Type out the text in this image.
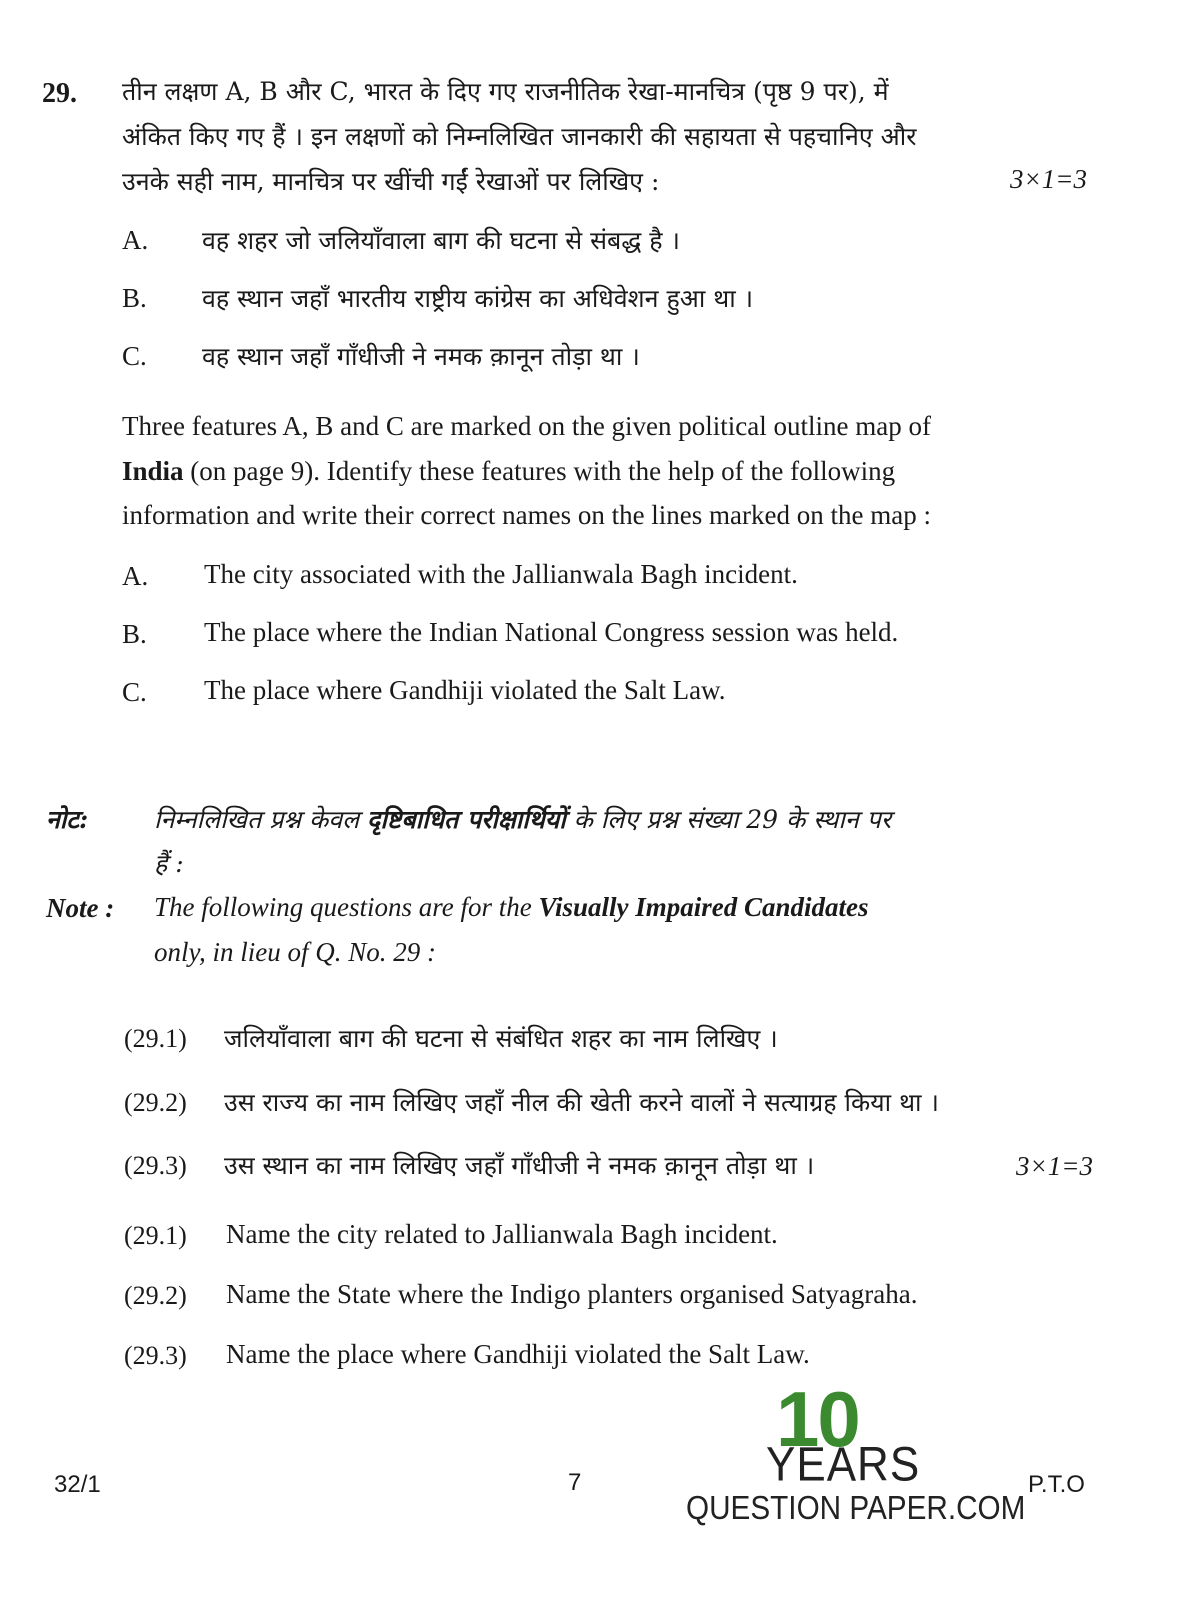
29. तीन लक्षण A, B और C, भारत के दिए गए राजनीतिक रेखा-मानचित्र (पृष्ठ 9 पर), में
अंकित किए गए हैं । इन लक्षणों को निम्नलिखित जानकारी की सहायता से पहचानिए और
उनके सही नाम, मानचित्र पर खींची गईं रेखाओं पर लिखिए :	3×1=3
A. वह शहर जो जलियाँवाला बाग की घटना से संबद्ध है ।
B. वह स्थान जहाँ भारतीय राष्ट्रीय कांग्रेस का अधिवेशन हुआ था ।
C. वह स्थान जहाँ गाँधीजी ने नमक क़ानून तोड़ा था ।
Three features A, B and C are marked on the given political outline map of
India (on page 9). Identify these features with the help of the following
information and write their correct names on the lines marked on the map :
A. The city associated with the Jallianwala Bagh incident.
B. The place where the Indian National Congress session was held.
C. The place where Gandhiji violated the Salt Law.
नोट:	निम्नलिखित प्रश्न केवल दृष्टिबाधित परीक्षार्थियों के लिए प्रश्न संख्या 29 के स्थान पर
हैं :
Note : The following questions are for the Visually Impaired Candidates
only, in lieu of Q. No. 29 :
(29.1) जलियाँवाला बाग की घटना से संबंधित शहर का नाम लिखिए ।
(29.2) उस राज्य का नाम लिखिए जहाँ नील की खेती करने वालों ने सत्याग्रह किया था ।
(29.3) उस स्थान का नाम लिखिए जहाँ गाँधीजी ने नमक क़ानून तोड़ा था ।	3×1=3
(29.1) Name the city related to Jallianwala Bagh incident.
(29.2) Name the State where the Indigo planters organised Satyagraha.
(29.3) Name the place where Gandhiji violated the Salt Law.
32/1	7	P.T.O
10
YEARS
QUESTION PAPER.COM
